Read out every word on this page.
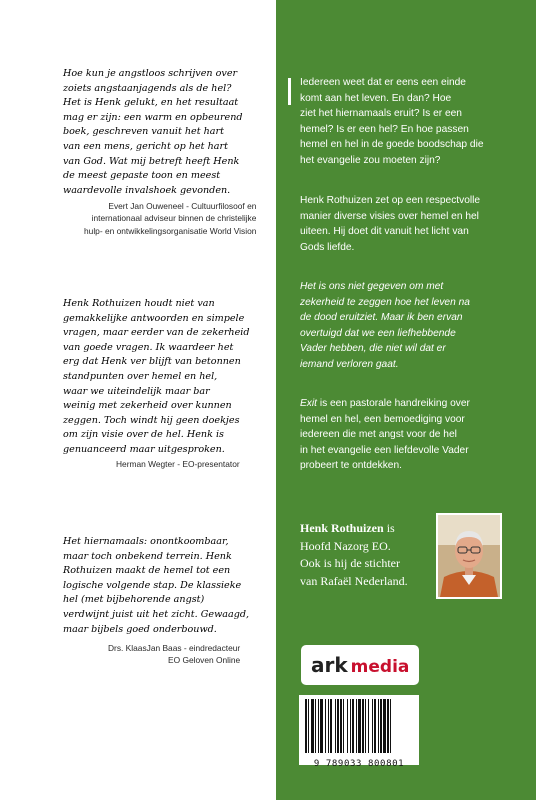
Hoe kun je angstloos schrijven over
zoiets angstaanjagends als de hel?
Het is Henk gelukt, en het resultaat
mag er zijn: een warm en opbeurend
boek, geschreven vanuit het hart
van een mens, gericht op het hart
van God. Wat mij betreft heeft Henk
de meest gepaste toon en meest
waardevolle invalshoek gevonden.
Evert Jan Ouweneel - Cultuurfilosoof en
internationaal adviseur binnen de christelijke
hulp- en ontwikkelingsorganisatie World Vision
Henk Rothuizen houdt niet van
gemakkelijke antwoorden en simpele
vragen, maar eerder van de zekerheid
van goede vragen. Ik waardeer het
erg dat Henk ver blijft van betonnen
standpunten over hemel en hel,
waar we uiteindelijk maar bar
weinig met zekerheid over kunnen
zeggen. Toch windt hij geen doekjes
om zijn visie over de hel. Henk is
genuanceerd maar uitgesproken.
Herman Wegter - EO-presentator
Het hiernamaals: onontkoombaar,
maar toch onbekend terrein. Henk
Rothuizen maakt de hemel tot een
logische volgende stap. De klassieke
hel (met bijbehorende angst)
verdwijnt juist uit het zicht. Gewaagd,
maar bijbels goed onderbouwd.
Drs. KlaasJan Baas - eindredacteur
EO Geloven Online
Iedereen weet dat er eens een einde
komt aan het leven. En dan? Hoe
ziet het hiernamaals eruit? Is er een
hemel? Is er een hel? En hoe passen
hemel en hel in de goede boodschap die
het evangelie zou moeten zijn?
Henk Rothuizen zet op een respectvolle
manier diverse visies over hemel en hel
uiteen. Hij doet dit vanuit het licht van
Gods liefde.
Het is ons niet gegeven om met
zekerheid te zeggen hoe het leven na
de dood eruitziet. Maar ik ben ervan
overtuigd dat we een liefhebbende
Vader hebben, die niet wil dat er
iemand verloren gaat.
Exit is een pastorale handreiking over
hemel en hel, een bemoediging voor
iedereen die met angst voor de hel
in het evangelie een liefdevolle Vader
probeert te ontdekken.
Henk Rothuizen is
Hoofd Nazorg EO.
Ook is hij de stichter
van Rafaël Nederland.
ark media
9 789033 800801
